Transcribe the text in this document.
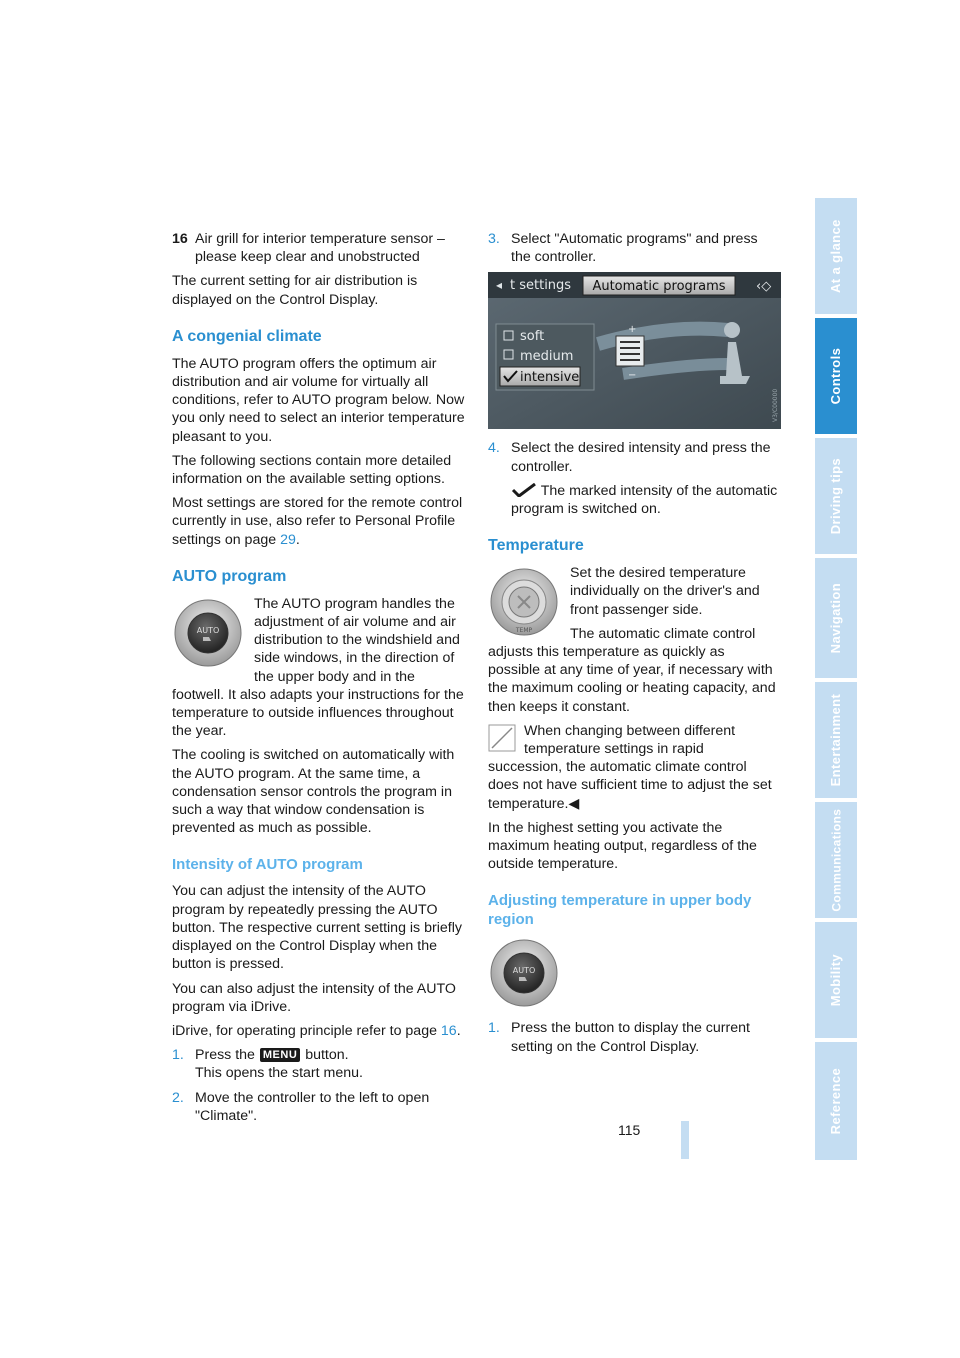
16 Air grill for interior temperature sensor – please keep clear and unobstructed

The current setting for air distribution is displayed on the Control Display.

A congenial climate

The AUTO program offers the optimum air distribution and air volume for virtually all conditions, refer to AUTO program below. Now you only need to select an interior temperature pleasant to you.

The following sections contain more detailed information on the available setting options.

Most settings are stored for the remote control currently in use, also refer to Personal Profile settings on page 29.

AUTO program
AUTO

The AUTO program handles the adjustment of air volume and air distribution to the windshield and side windows, in the direction of the upper body and in the footwell. It also adapts your instructions for the temperature to outside influences throughout the year.

The cooling is switched on automatically with the AUTO program. At the same time, a condensation sensor controls the program in such a way that window condensation is prevented as much as possible.

Intensity of AUTO program

You can adjust the intensity of the AUTO program by repeatedly pressing the AUTO button. The respective current setting is briefly displayed on the Control Display when the button is pressed.

You can also adjust the intensity of the AUTO program via iDrive.

iDrive, for operating principle refer to page 16.

1. Press the MENU button.
This opens the start menu.
2. Move the controller to the left to open "Climate".
3. Select "Automatic programs" and press the controller.
◂ t settings Automatic programs ‹◇
+
−
soft
medium
intensive
V3/C00000
4. Select the desired intensity and press the controller.

The marked intensity of the automatic program is switched on.

Temperature
TEMP

Set the desired temperature individually on the driver's and front passenger side.

The automatic climate control adjusts this temperature as quickly as possible at any time of year, if necessary with the maximum cooling or heating capacity, and then keeps it constant.

When changing between different temperature settings in rapid succession, the automatic climate control does not have sufficient time to adjust the set temperature.◀

In the highest setting you activate the maximum heating output, regardless of the outside temperature.

Adjusting temperature in upper body region
AUTO
1. Press the button to display the current setting on the Control Display.
At a glance
Controls
Driving tips
Navigation
Entertainment
Communications
Mobility
Reference
115
